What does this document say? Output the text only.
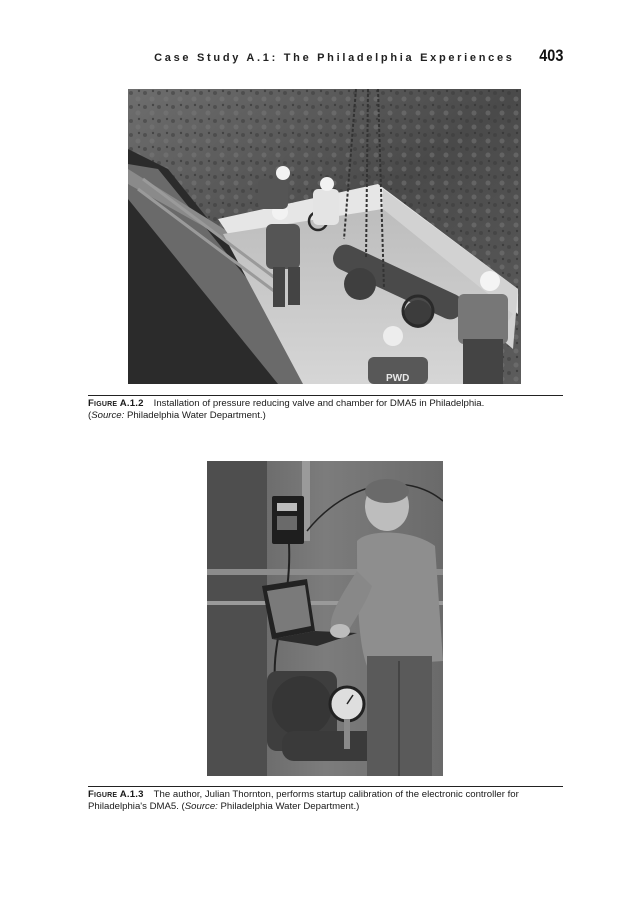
Case Study A.1: The Philadelphia Experiences 403
PWD
Figure A.1.2 Installation of pressure reducing valve and chamber for DMA5 in Philadelphia.
(Source: Philadelphia Water Department.)
Figure A.1.3 The author, Julian Thornton, performs startup calibration of the electronic controller for Philadelphia's DMA5. (Source: Philadelphia Water Department.)
